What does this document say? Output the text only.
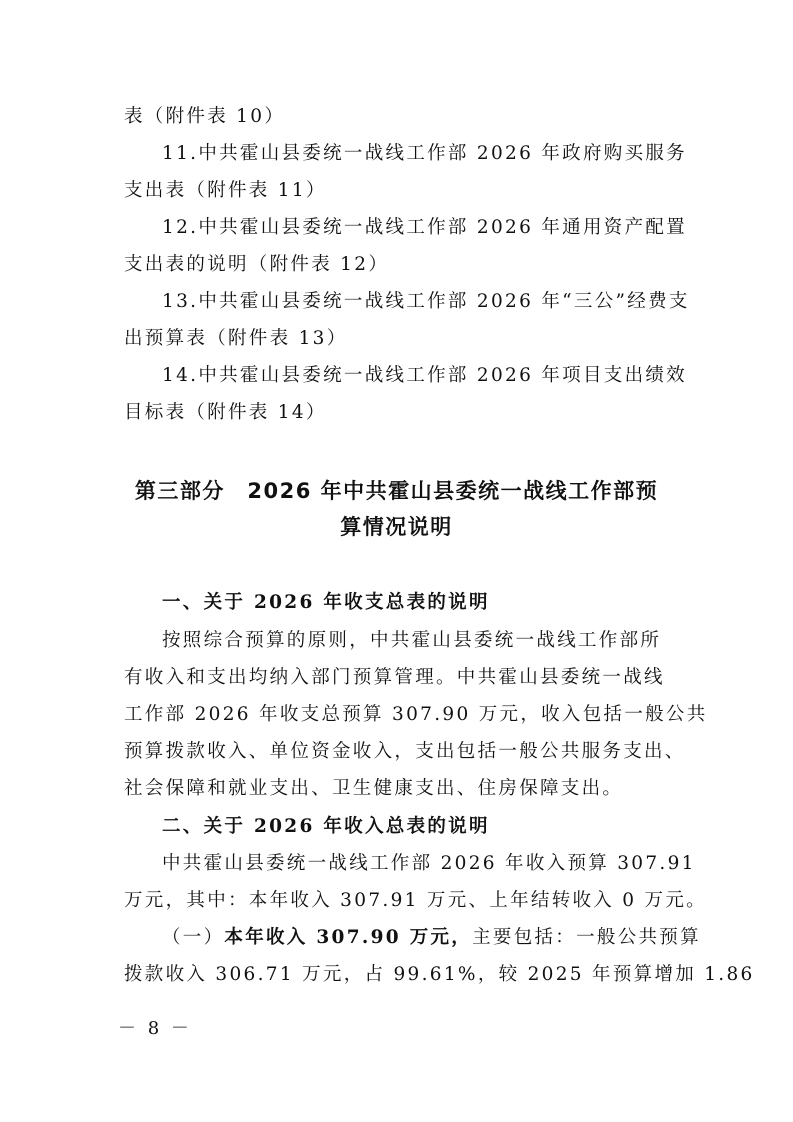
表（附件表 10）
11.中共霍山县委统一战线工作部 2026 年政府购买服务
支出表（附件表 11）
12.中共霍山县委统一战线工作部 2026 年通用资产配置
支出表的说明（附件表 12）
13.中共霍山县委统一战线工作部 2026 年“三公”经费支
出预算表（附件表 13）
14.中共霍山县委统一战线工作部 2026 年项目支出绩效
目标表（附件表 14）
第三部分　2026 年中共霍山县委统一战线工作部预
算情况说明
一、关于 2026 年收支总表的说明
按照综合预算的原则，中共霍山县委统一战线工作部所
有收入和支出均纳入部门预算管理。中共霍山县委统一战线
工作部 2026 年收支总预算 307.90 万元，收入包括一般公共
预算拨款收入、单位资金收入，支出包括一般公共服务支出、
社会保障和就业支出、卫生健康支出、住房保障支出。
二、关于 2026 年收入总表的说明
中共霍山县委统一战线工作部 2026 年收入预算 307.91
万元，其中：本年收入 307.91 万元、上年结转收入 0 万元。
（一）本年收入 307.90 万元，主要包括：一般公共预算
拨款收入 306.71 万元，占 99.61%，较 2025 年预算增加 1.86
－ 8 －
